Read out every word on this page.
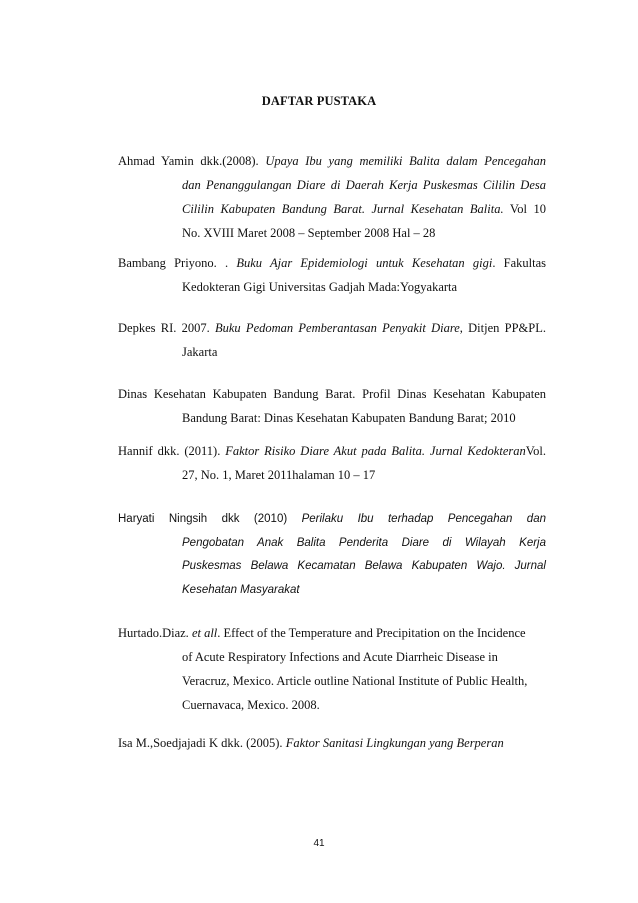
DAFTAR PUSTAKA
Ahmad Yamin dkk.(2008). Upaya Ibu yang memiliki Balita dalam Pencegahan
dan Penanggulangan Diare di Daerah Kerja Puskesmas Cililin Desa
Cililin Kabupaten Bandung Barat. Jurnal Kesehatan Balita. Vol 10
No. XVIII Maret 2008 – September 2008 Hal – 28
Bambang Priyono. . Buku Ajar Epidemiologi untuk Kesehatan gigi. Fakultas
Kedokteran Gigi Universitas Gadjah Mada:Yogyakarta
Depkes RI. 2007. Buku Pedoman Pemberantasan Penyakit Diare, Ditjen PP&PL.
Jakarta
Dinas Kesehatan Kabupaten Bandung Barat. Profil Dinas Kesehatan Kabupaten
Bandung Barat: Dinas Kesehatan Kabupaten Bandung Barat; 2010
Hannif dkk. (2011). Faktor Risiko Diare Akut pada Balita. Jurnal KedokteranVol.
27, No. 1, Maret 2011halaman 10 – 17
Haryati Ningsih dkk (2010) Perilaku Ibu terhadap Pencegahan dan
Pengobatan Anak Balita Penderita Diare di Wilayah Kerja
Puskesmas Belawa Kecamatan Belawa Kabupaten Wajo. Jurnal
Kesehatan Masyarakat
Hurtado.Diaz. et all. Effect of the Temperature and Precipitation on the Incidence
of Acute Respiratory Infections and Acute Diarrheic Disease in
Veracruz, Mexico. Article outline National Institute of Public Health,
Cuernavaca, Mexico. 2008.
Isa M.,Soedjajadi K dkk. (2005). Faktor Sanitasi Lingkungan yang Berperan
41
